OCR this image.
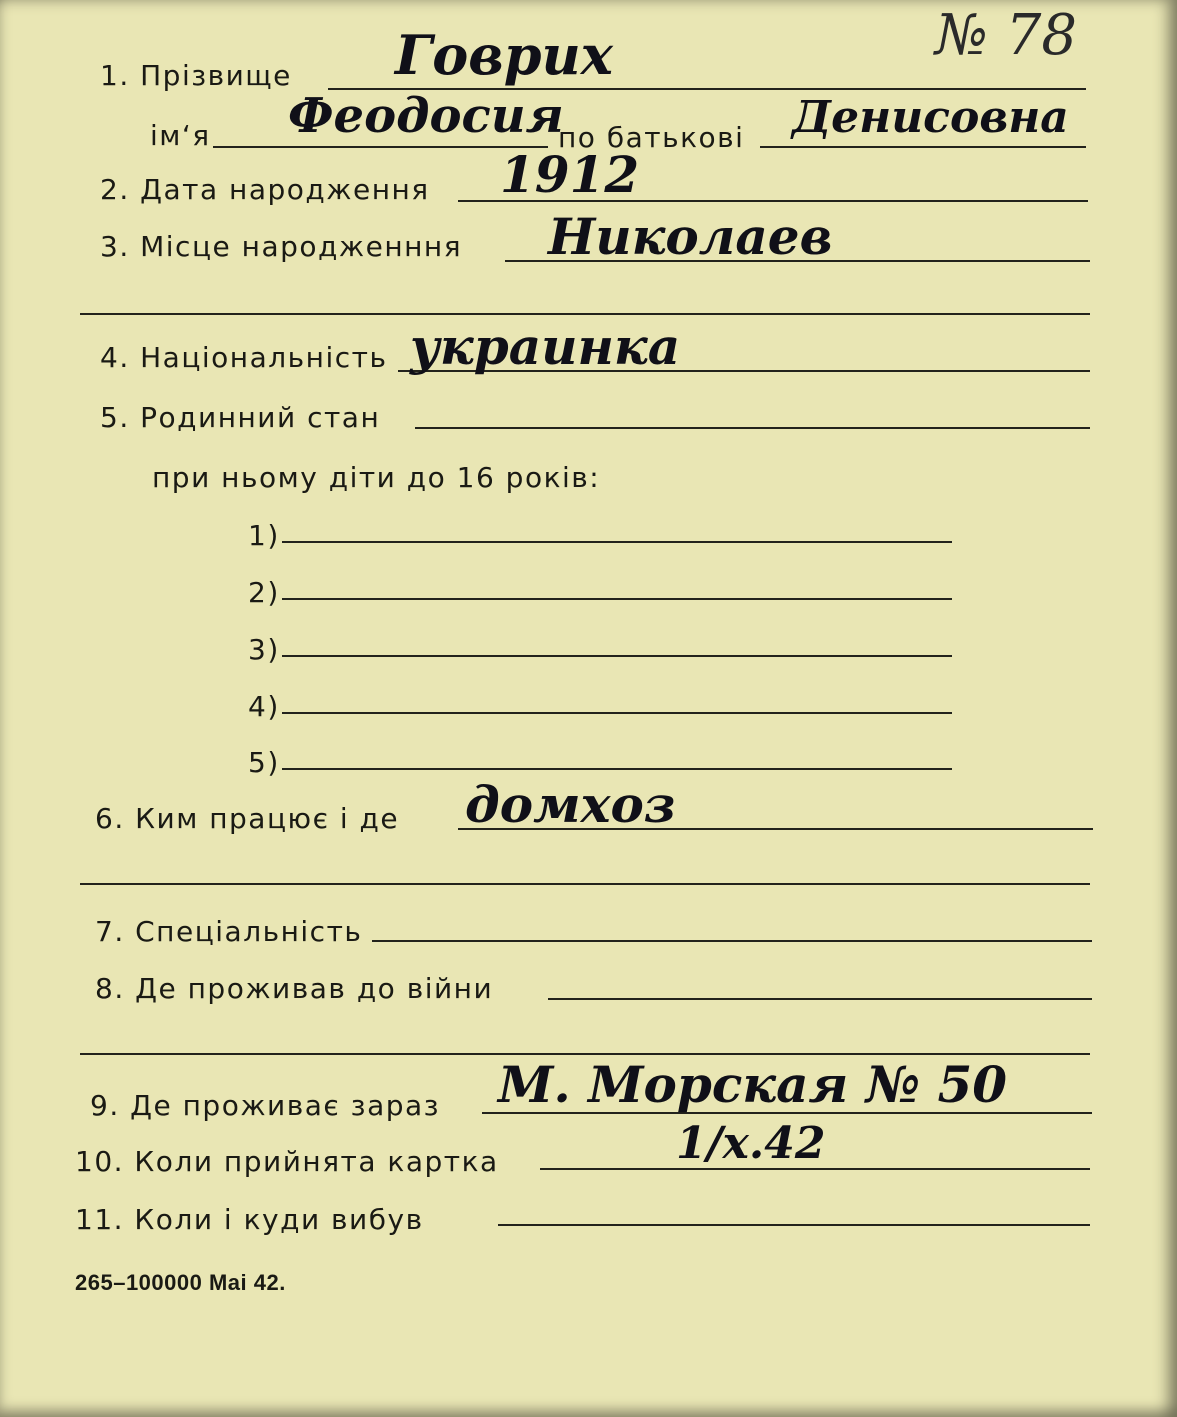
№ 78
1. Прізвище Говрих
ім‘я Феодосия
по батькові Денисовна
2. Дата народження 1912
3. Місце народженння Николаев
4. Національність украинка
5. Родинний стан
при ньому діти до 16 років:
1)
2)
3)
4)
5)
6. Ким працює і де домхоз
7. Спеціальність
8. Де проживав до війни
9. Де проживає зараз М. Морская № 50
10. Коли прийнята картка	1/х.42
11. Коли і куди вибув
265–100000 Mai 42.
